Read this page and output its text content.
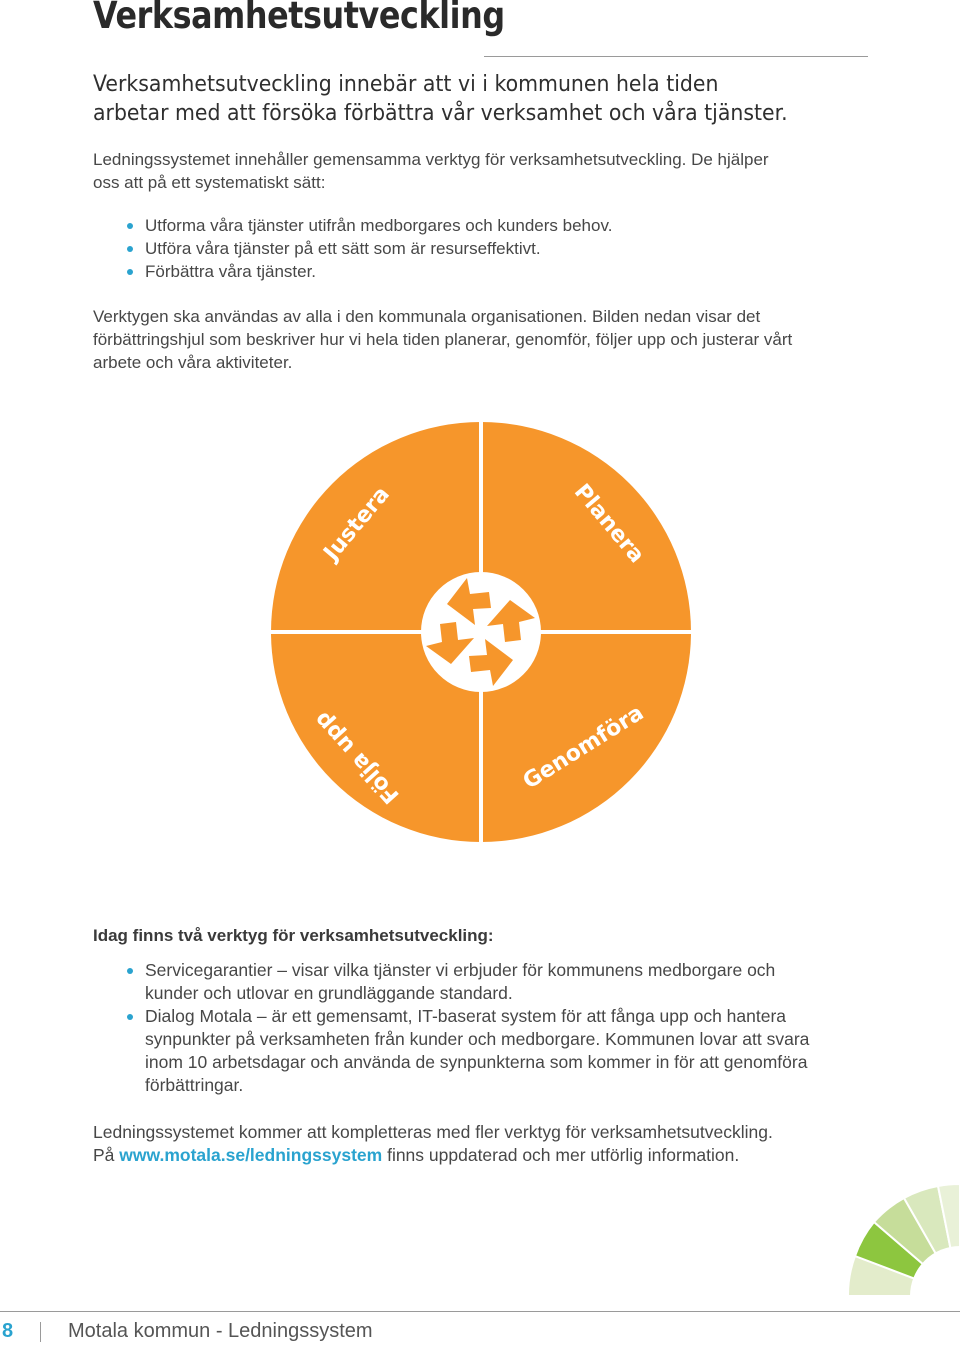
Verksamhetsutveckling

Verksamhetsutveckling innebär att vi i kommunen hela tiden arbetar med att försöka förbättra vår verksamhet och våra tjänster.

Ledningssystemet innehåller gemensamma verktyg för verksamhetsutveckling. De hjälper oss att på ett systematiskt sätt:

Utforma våra tjänster utifrån medborgares och kunders behov.
Utföra våra tjänster på ett sätt som är resurseffektivt.
Förbättra våra tjänster.

Verktygen ska användas av alla i den kommunala organisationen. Bilden nedan visar det förbättringshjul som beskriver hur vi hela tiden planerar, genomför, följer upp och justerar vårt arbete och våra aktiviteter.

Planera
Genomföra
Följa upp
Justera

Idag finns två verktyg för verksamhetsutveckling:

Servicegarantier – visar vilka tjänster vi erbjuder för kommunens medborgare och kunder och utlovar en grundläggande standard.
Dialog Motala – är ett gemensamt, IT-baserat system för att fånga upp och hantera synpunkter på verksamheten från kunder och medborgare. Kommunen lovar att svara inom 10 arbetsdagar och använda de synpunkterna som kommer in för att genomföra förbättringar.

Ledningssystemet kommer att kompletteras med fler verktyg för verksamhetsutveckling.
På www.motala.se/ledningssystem finns uppdaterad och mer utförlig information.

8	Motala kommun - Ledningssystem
